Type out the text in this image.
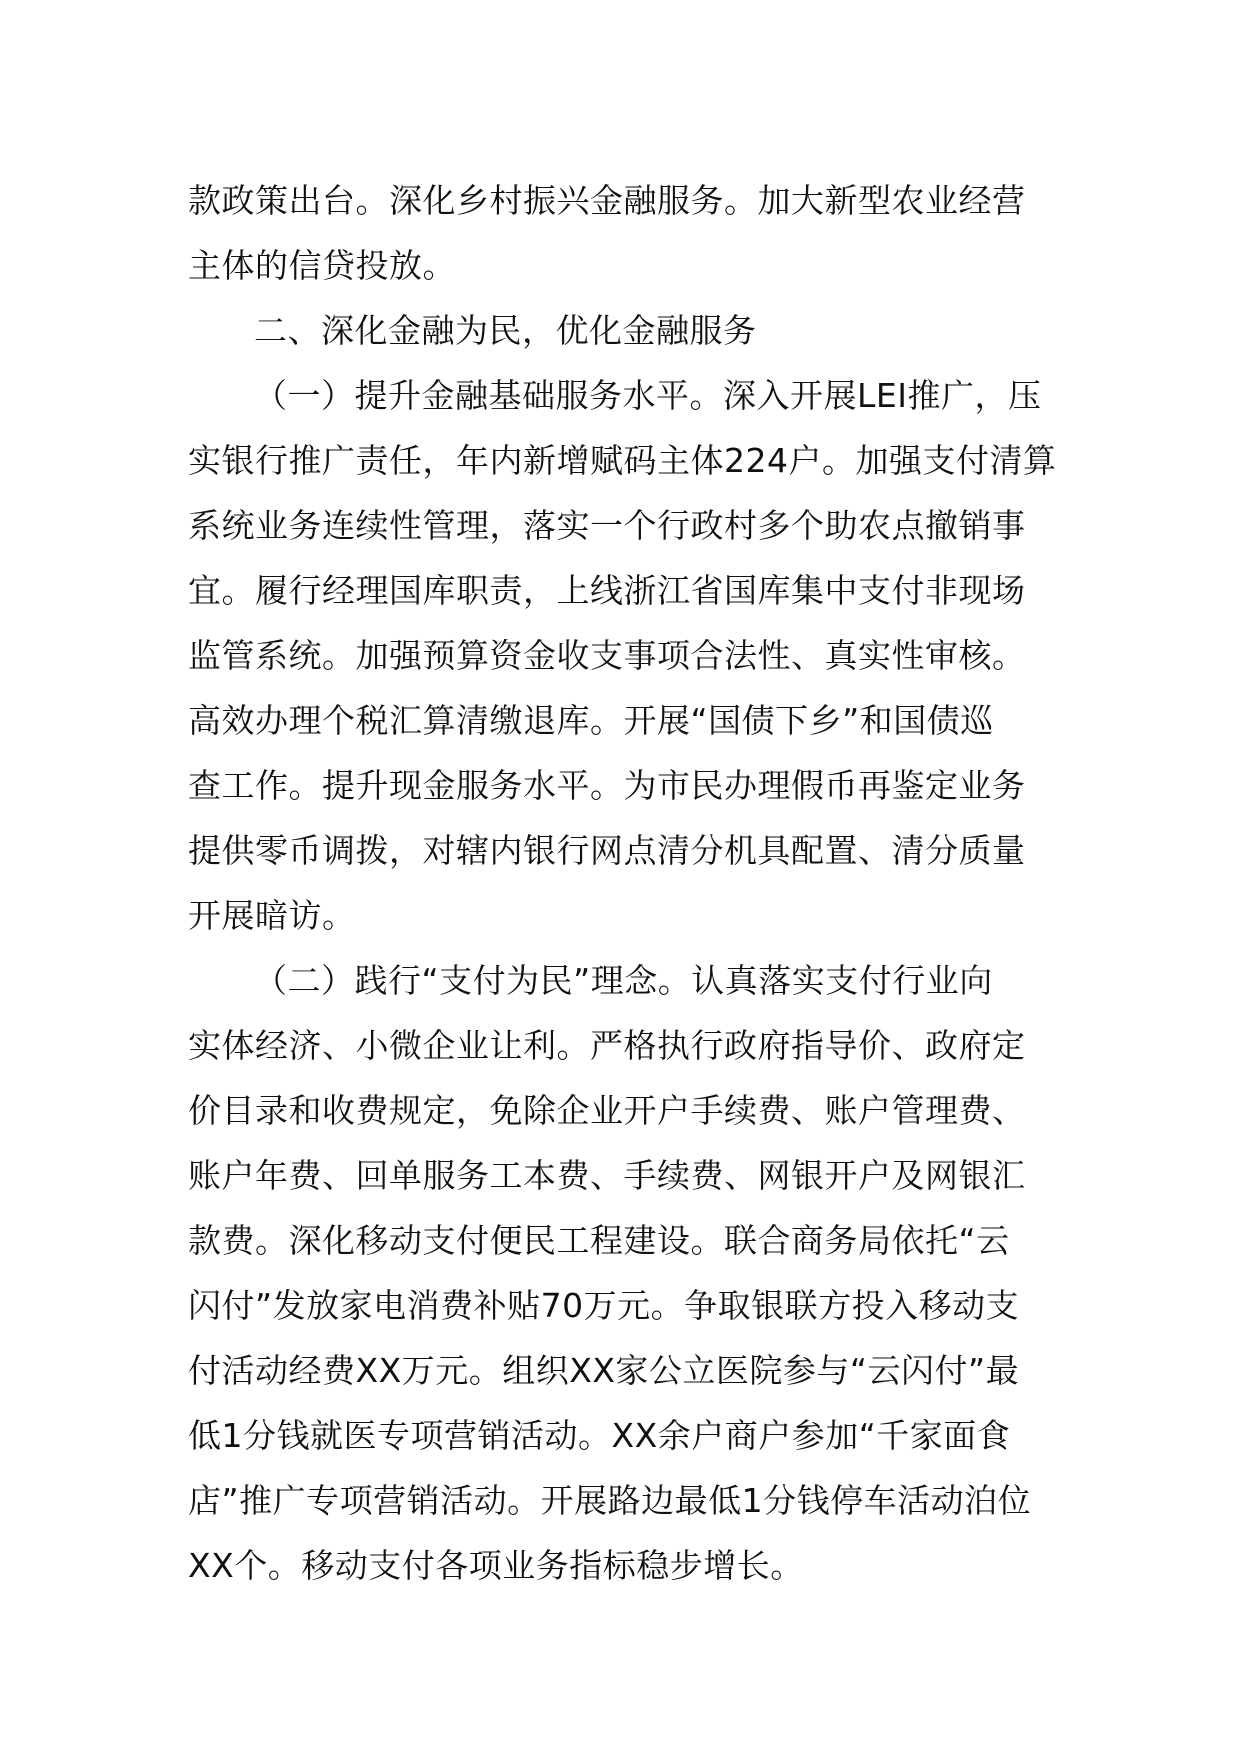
款政策出台。深化乡村振兴金融服务。加大新型农业经营
主体的信贷投放。
二、深化金融为民，优化金融服务
（一）提升金融基础服务水平。深入开展LEI推广，压
实银行推广责任，年内新增赋码主体224户。加强支付清算
系统业务连续性管理，落实一个行政村多个助农点撤销事
宜。履行经理国库职责，上线浙江省国库集中支付非现场
监管系统。加强预算资金收支事项合法性、真实性审核。
高效办理个税汇算清缴退库。开展“国债下乡”和国债巡
查工作。提升现金服务水平。为市民办理假币再鉴定业务
提供零币调拨，对辖内银行网点清分机具配置、清分质量
开展暗访。
（二）践行“支付为民”理念。认真落实支付行业向
实体经济、小微企业让利。严格执行政府指导价、政府定
价目录和收费规定，免除企业开户手续费、账户管理费、
账户年费、回单服务工本费、手续费、网银开户及网银汇
款费。深化移动支付便民工程建设。联合商务局依托“云
闪付”发放家电消费补贴70万元。争取银联方投入移动支
付活动经费XX万元。组织XX家公立医院参与“云闪付”最
低1分钱就医专项营销活动。XX余户商户参加“千家面食
店”推广专项营销活动。开展路边最低1分钱停车活动泊位
XX个。移动支付各项业务指标稳步增长。
